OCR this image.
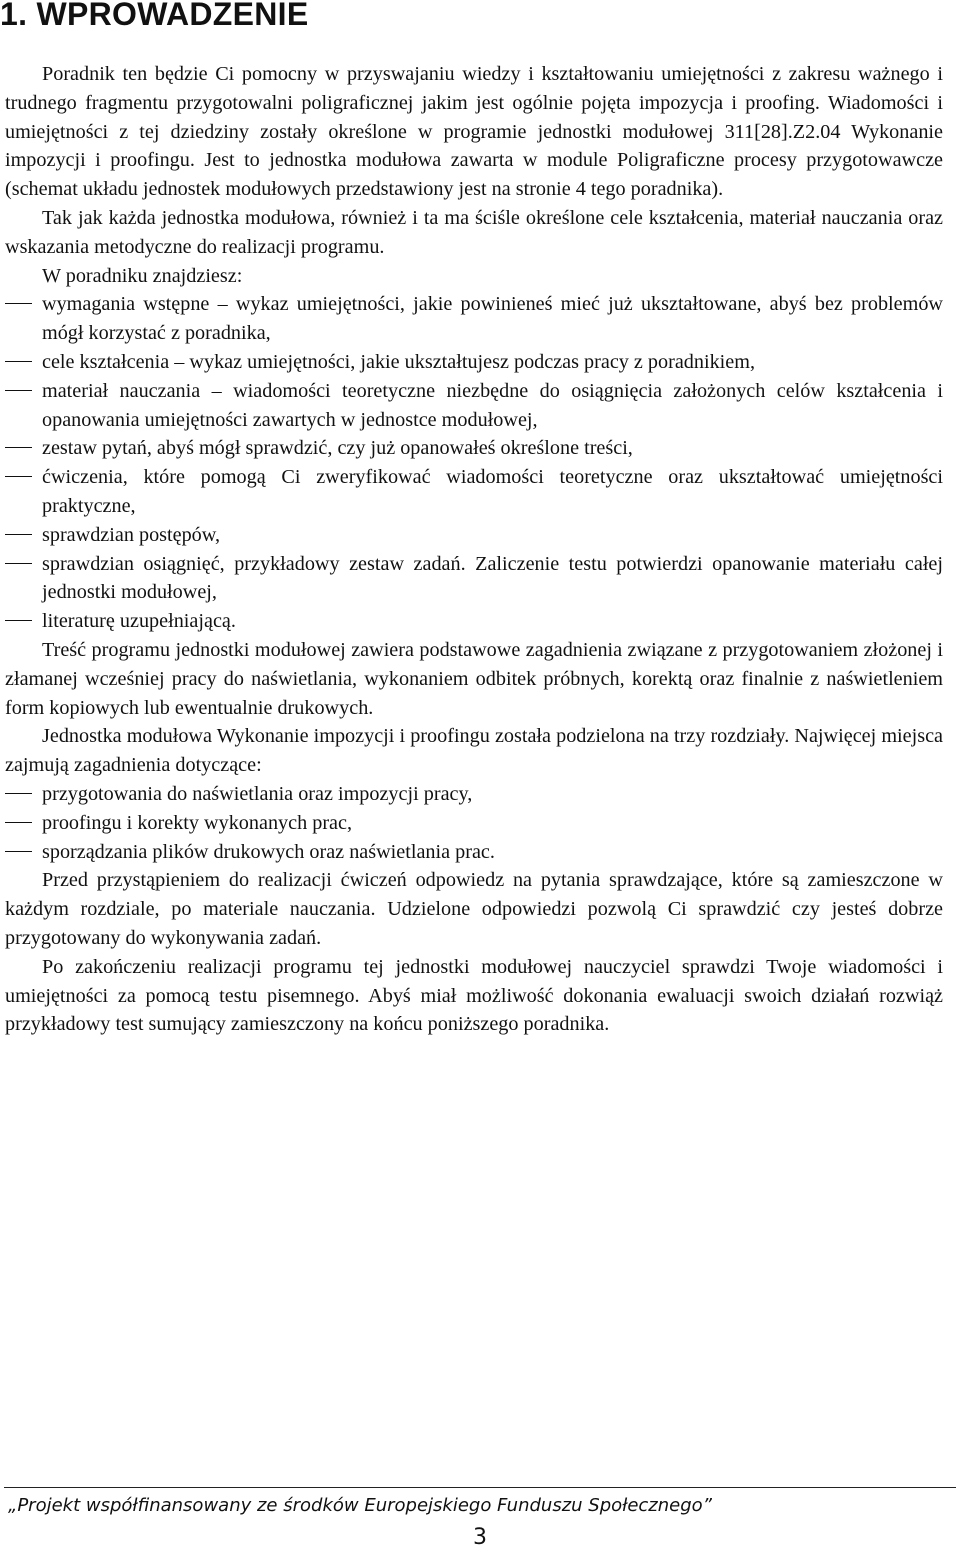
1. WPROWADZENIE

Poradnik ten będzie Ci pomocny w przyswajaniu wiedzy i kształtowaniu umiejętności z zakresu ważnego i trudnego fragmentu przygotowalni poligraficznej jakim jest ogólnie pojęta impozycja i proofing. Wiadomości i umiejętności z tej dziedziny zostały określone w programie jednostki modułowej 311[28].Z2.04 Wykonanie impozycji i proofingu. Jest to jednostka modułowa zawarta w module Poligraficzne procesy przygotowawcze (schemat układu jednostek modułowych przedstawiony jest na stronie 4 tego poradnika).

Tak jak każda jednostka modułowa, również i ta ma ściśle określone cele kształcenia, materiał nauczania oraz wskazania metodyczne do realizacji programu.

W poradniku znajdziesz:

wymagania wstępne – wykaz umiejętności, jakie powinieneś mieć już ukształtowane, abyś bez problemów mógł korzystać z poradnika,
cele kształcenia – wykaz umiejętności, jakie ukształtujesz podczas pracy z poradnikiem,
materiał nauczania – wiadomości teoretyczne niezbędne do osiągnięcia założonych celów kształcenia i opanowania umiejętności zawartych w jednostce modułowej,
zestaw pytań, abyś mógł sprawdzić, czy już opanowałeś określone treści,
ćwiczenia, które pomogą Ci zweryfikować wiadomości teoretyczne oraz ukształtować umiejętności praktyczne,
sprawdzian postępów,
sprawdzian osiągnięć, przykładowy zestaw zadań. Zaliczenie testu potwierdzi opanowanie materiału całej jednostki modułowej,
literaturę uzupełniającą.

Treść programu jednostki modułowej zawiera podstawowe zagadnienia związane z przygotowaniem złożonej i złamanej wcześniej pracy do naświetlania, wykonaniem odbitek próbnych, korektą oraz finalnie z naświetleniem form kopiowych lub ewentualnie drukowych.

Jednostka modułowa Wykonanie impozycji i proofingu została podzielona na trzy rozdziały. Najwięcej miejsca zajmują zagadnienia dotyczące:

przygotowania do naświetlania oraz impozycji pracy,
proofingu i korekty wykonanych prac,
sporządzania plików drukowych oraz naświetlania prac.

Przed przystąpieniem do realizacji ćwiczeń odpowiedz na pytania sprawdzające, które są zamieszczone w każdym rozdziale, po materiale nauczania. Udzielone odpowiedzi pozwolą Ci sprawdzić czy jesteś dobrze przygotowany do wykonywania zadań.

Po zakończeniu realizacji programu tej jednostki modułowej nauczyciel sprawdzi Twoje wiadomości i umiejętności za pomocą testu pisemnego. Abyś miał możliwość dokonania ewaluacji swoich działań rozwiąż przykładowy test sumujący zamieszczony na końcu poniższego poradnika.

„Projekt współfinansowany ze środków Europejskiego Funduszu Społecznego”
3
